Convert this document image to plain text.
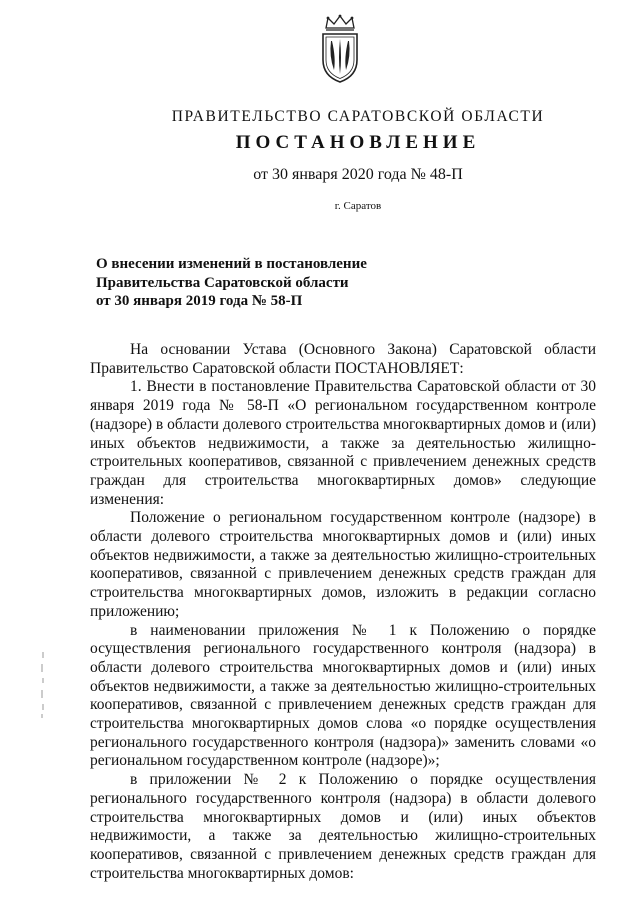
ПРАВИТЕЛЬСТВО САРАТОВСКОЙ ОБЛАСТИ
ПОСТАНОВЛЕНИЕ
от 30 января 2020 года № 48-П
г. Саратов
О внесении изменений в постановление
Правительства Саратовской области
от 30 января 2019 года № 58-П

На основании Устава (Основного Закона) Саратовской области Правительство Саратовской области ПОСТАНОВЛЯЕТ:

1. Внести в постановление Правительства Саратовской области от 30 января 2019 года № 58-П «О региональном государственном контроле (надзоре) в области долевого строительства многоквартирных домов и (или) иных объектов недвижимости, а также за деятельностью жилищно-строительных кооперативов, связанной с привлечением денежных средств граждан для строительства многоквартирных домов» следующие изменения:

Положение о региональном государственном контроле (надзоре) в области долевого строительства многоквартирных домов и (или) иных объектов недвижимости, а также за деятельностью жилищно-строительных кооперативов, связанной с привлечением денежных средств граждан для строительства многоквартирных домов, изложить в редакции согласно приложению;

в наименовании приложения № 1 к Положению о порядке осуществления регионального государственного контроля (надзора) в области долевого строительства многоквартирных домов и (или) иных объектов недвижимости, а также за деятельностью жилищно-строительных кооперативов, связанной с привлечением денежных средств граждан для строительства многоквартирных домов слова «о порядке осуществления регионального государственного контроля (надзора)» заменить словами «о региональном государственном контроле (надзоре)»;

в приложении № 2 к Положению о порядке осуществления регионального государственного контроля (надзора) в области долевого строительства многоквартирных домов и (или) иных объектов недвижимости, а также за деятельностью жилищно-строительных кооперативов, связанной с привлечением денежных средств граждан для строительства многоквартирных домов:
